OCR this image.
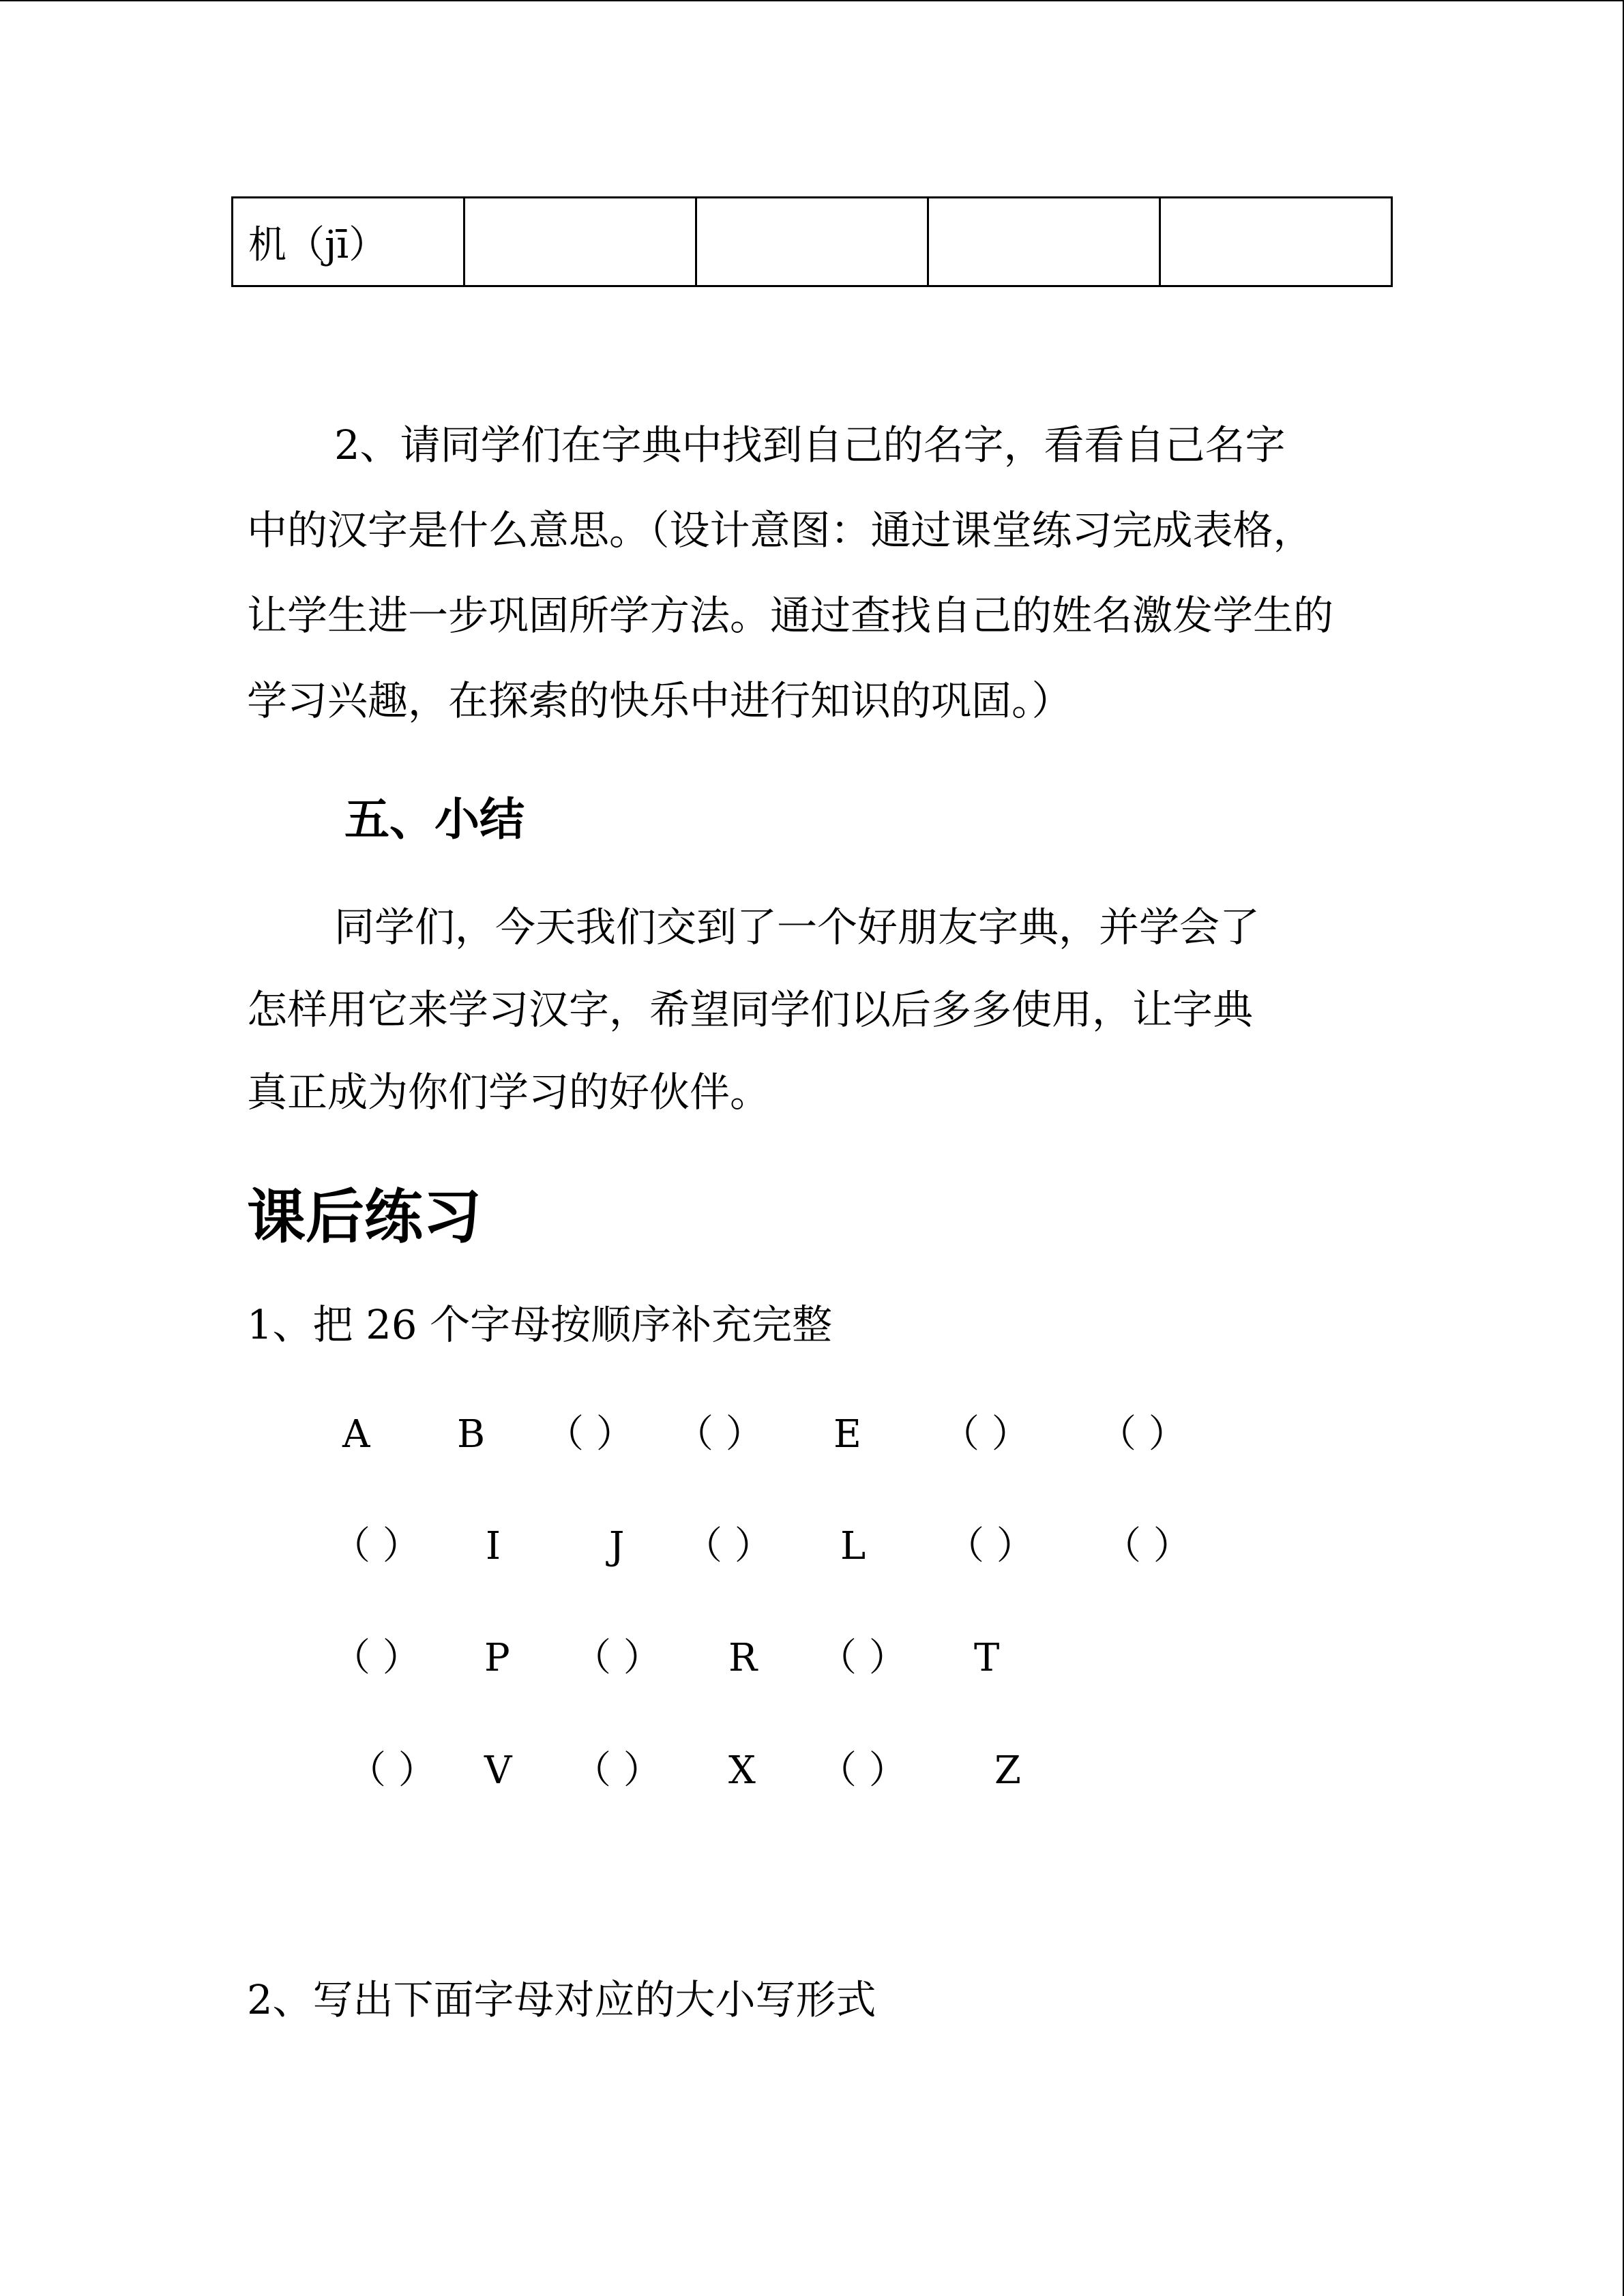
机（jī）				

2、请同学们在字典中找到自己的名字，看看自己名字

中的汉字是什么意思。（设计意图：通过课堂练习完成表格，

让学生进一步巩固所学方法。通过查找自己的姓名激发学生的

学习兴趣，在探索的快乐中进行知识的巩固。）

五、小结

同学们，今天我们交到了一个好朋友字典，并学会了

怎样用它来学习汉字，希望同学们以后多多使用，让字典

真正成为你们学习的好伙伴。

课后练习

1、把 26 个字母按顺序补充完整

A B （ ） （ ） E （ ） （ ）
（ ） I	J （ ） L （ ） （ ）
（ ） P （ ） R （ ） T
（ ） V （ ） X （ ） Z

2、写出下面字母对应的大小写形式
